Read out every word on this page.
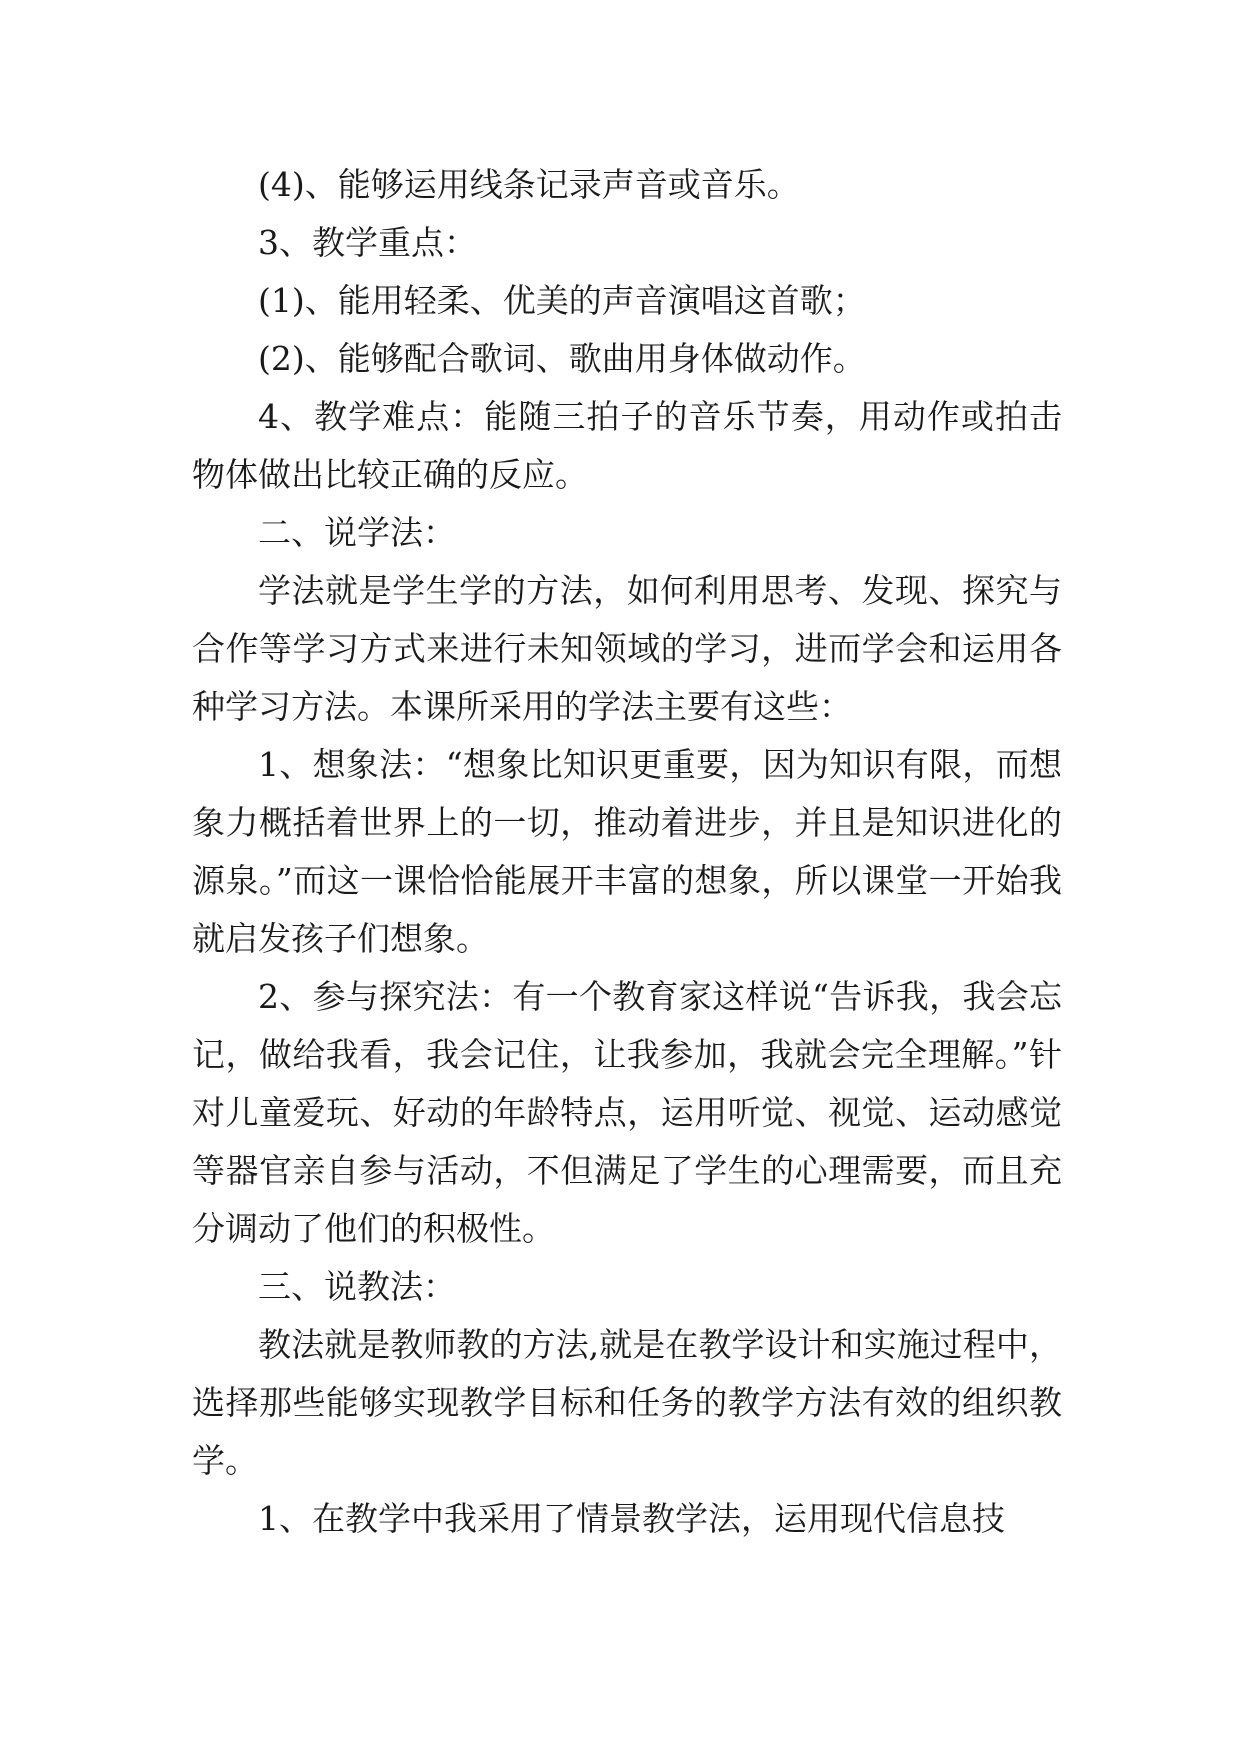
(4)、能够运用线条记录声音或音乐。

3、教学重点：

(1)、能用轻柔、优美的声音演唱这首歌；

(2)、能够配合歌词、歌曲用身体做动作。

4、教学难点：能随三拍子的音乐节奏，用动作或拍击物体做出比较正确的反应。

二、说学法：

学法就是学生学的方法，如何利用思考、发现、探究与合作等学习方式来进行未知领域的学习，进而学会和运用各种学习方法。本课所采用的学法主要有这些：

1、想象法：“想象比知识更重要，因为知识有限，而想象力概括着世界上的一切，推动着进步，并且是知识进化的源泉。”而这一课恰恰能展开丰富的想象，所以课堂一开始我就启发孩子们想象。

2、参与探究法：有一个教育家这样说“告诉我，我会忘记，做给我看，我会记住，让我参加，我就会完全理解。”针对儿童爱玩、好动的年龄特点，运用听觉、视觉、运动感觉等器官亲自参与活动，不但满足了学生的心理需要，而且充分调动了他们的积极性。

三、说教法：

教法就是教师教的方法,就是在教学设计和实施过程中，选择那些能够实现教学目标和任务的教学方法有效的组织教学。

1、在教学中我采用了情景教学法，运用现代信息技
